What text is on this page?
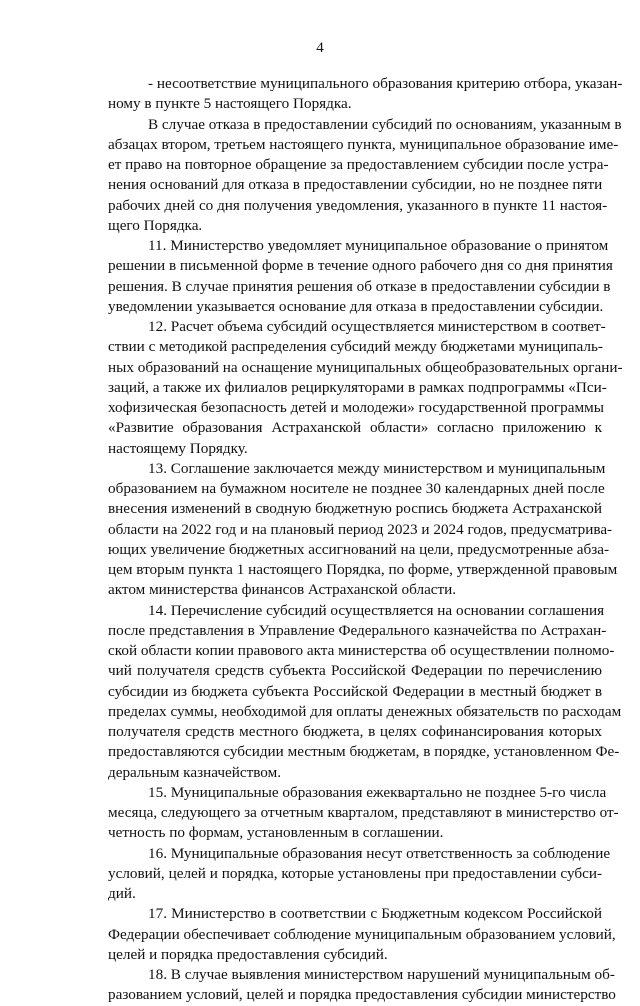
4
- несоответствие муниципального образования критерию отбора, указан-
ному в пункте 5 настоящего Порядка.
В случае отказа в предоставлении субсидий по основаниям, указанным в
абзацах втором, третьем настоящего пункта, муниципальное образование име-
ет право на повторное обращение за предоставлением субсидии после устра-
нения оснований для отказа в предоставлении субсидии, но не позднее пяти
рабочих дней со дня получения уведомления, указанного в пункте 11 настоя-
щего Порядка.
11. Министерство уведомляет муниципальное образование о принятом
решении в письменной форме в течение одного рабочего дня со дня принятия
решения. В случае принятия решения об отказе в предоставлении субсидии в
уведомлении указывается основание для отказа в предоставлении субсидии.
12. Расчет объема субсидий осуществляется министерством в соответ-
ствии с методикой распределения субсидий между бюджетами муниципаль-
ных образований на оснащение муниципальных общеобразовательных органи-
заций, а также их филиалов рециркуляторами в рамках подпрограммы «Пси-
хофизическая безопасность детей и молодежи» государственной программы
«Развитие образования Астраханской области» согласно приложению к
настоящему Порядку.
13. Соглашение заключается между министерством и муниципальным
образованием на бумажном носителе не позднее 30 календарных дней после
внесения изменений в сводную бюджетную роспись бюджета Астраханской
области на 2022 год и на плановый период 2023 и 2024 годов, предусматрива-
ющих увеличение бюджетных ассигнований на цели, предусмотренные абза-
цем вторым пункта 1 настоящего Порядка, по форме, утвержденной правовым
актом министерства финансов Астраханской области.
14. Перечисление субсидий осуществляется на основании соглашения
после представления в Управление Федерального казначейства по Астрахан-
ской области копии правового акта министерства об осуществлении полномо-
чий получателя средств субъекта Российской Федерации по перечислению
субсидии из бюджета субъекта Российской Федерации в местный бюджет в
пределах суммы, необходимой для оплаты денежных обязательств по расходам
получателя средств местного бюджета, в целях софинансирования которых
предоставляются субсидии местным бюджетам, в порядке, установленном Фе-
деральным казначейством.
15. Муниципальные образования ежеквартально не позднее 5-го числа
месяца, следующего за отчетным кварталом, представляют в министерство от-
четность по формам, установленным в соглашении.
16. Муниципальные образования несут ответственность за соблюдение
условий, целей и порядка, которые установлены при предоставлении субси-
дий.
17. Министерство в соответствии с Бюджетным кодексом Российской
Федерации обеспечивает соблюдение муниципальным образованием условий,
целей и порядка предоставления субсидий.
18. В случае выявления министерством нарушений муниципальным об-
разованием условий, целей и порядка предоставления субсидии министерство
